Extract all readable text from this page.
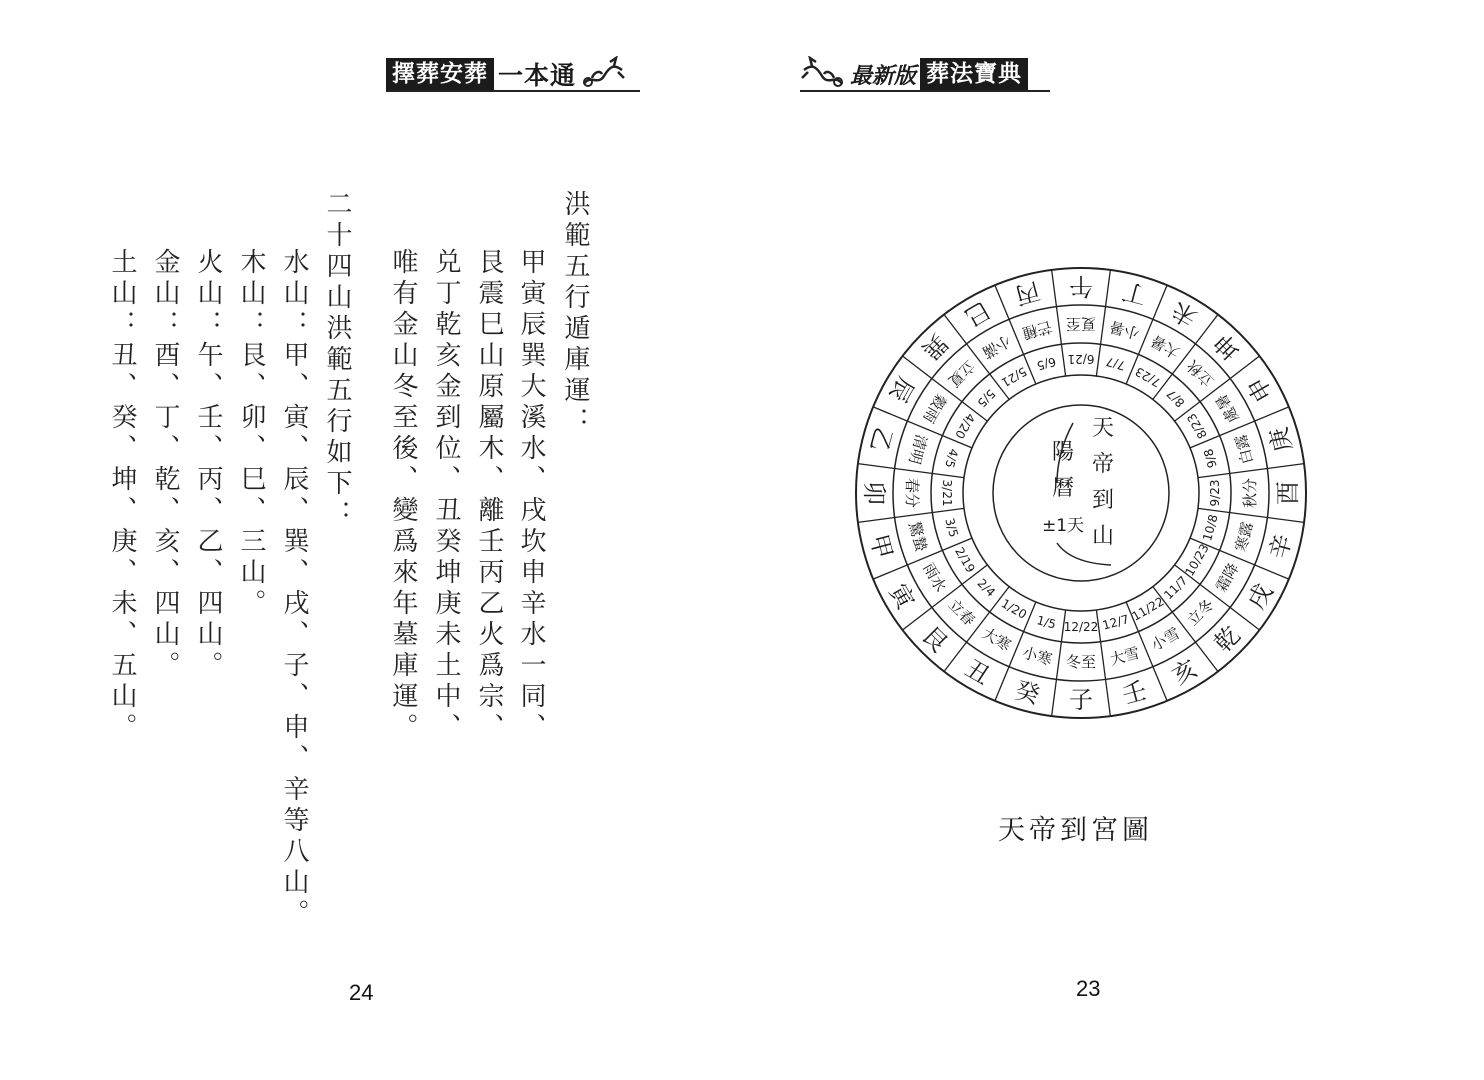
擇葬安葬 一本通
洪範五行遁庫運：
甲寅辰巽大溪水、戌坎申辛水一同、
艮震巳山原屬木、離壬丙乙火爲宗、
兑丁乾亥金到位、丑癸坤庚未土中、
唯有金山冬至後、變爲來年墓庫運。
二十四山洪範五行如下：
水山：甲、寅、辰、巽、戌、子、申、辛等八山。
木山：艮、卯、巳、三山。
火山：午、壬、丙、乙、四山。
金山：酉、丁、乾、亥、四山。
土山：丑、癸、坤、庚、未、五山。
24
最新版 葬法寶典
子
癸
丑
艮
寅
甲
卯
乙
辰
巽
巳
丙 午 丁
未
坤
申
庚
酉
辛
戌
乾
亥
壬
冬至
小寒
大寒
立春
雨水
驚蟄
春分
清明
穀雨
立夏
小滿
芒種 夏至 小暑
大暑
立秋
處暑
白露
秋分
寒露
霜降
立冬
小雪
大雪
12/22
1/5
1/20
2/4
2/19
3/5
3/21
4/5
4/20
5/5
5/21
6/5 6/21 7/7
7/23
8/7
8/23
9/8
9/23
10/8
10/23
11/7
11/22
12/7
天
帝
到
山
陽
曆
±1天
天帝到宮圖
23
